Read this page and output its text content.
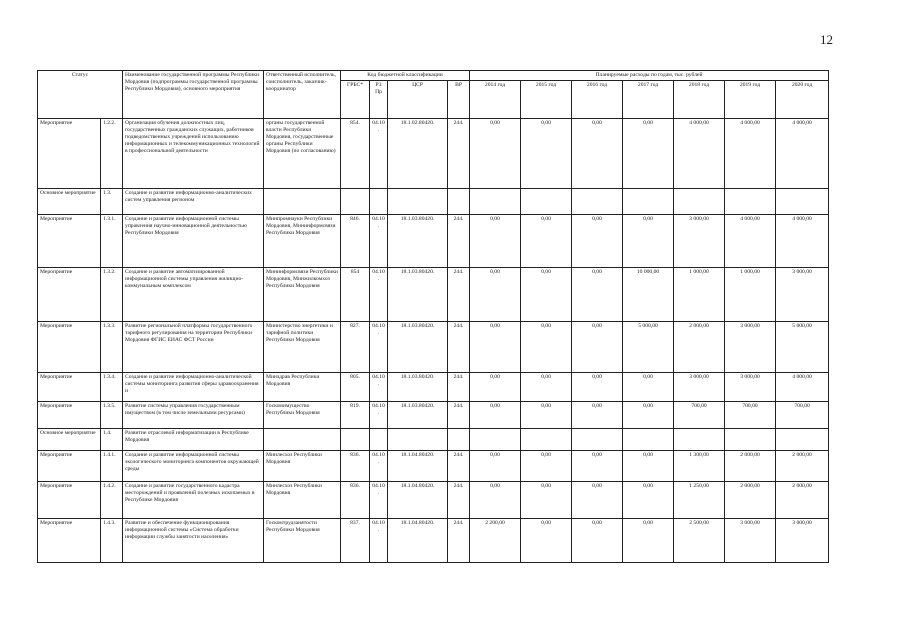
12
Статус		Наименование государственной программы Республики Мордовия (подпрограммы государственной программы Республики Мордовия), основного мероприятия	Ответственный исполнитель, соисполнитель, заказчик-координатор	Код бюджетной классификации				Планируемые расходы по годам, тыс. рублей						
				ГРБС*	РЗ Пр	ЦСР	ВР	2014 год	2015 год	2016 год	2017 год	2018 год	2019 год	2020 год
Мероприятие	1.2.2.	Организация обучения должностных лиц, государственных гражданских служащих, работников подведомственных учреждений использованию информационных и телекоммуникационных технологий в профессиональной деятельности	органы государственной власти Республики Мордовия, государственные органы Республики Мордовия (по согласованию)	854.	04.10.	18.1.02.80420.	244.	0,00	0,00	0,00	0,00	4 000,00	4 000,00	4 000,00
Основное мероприятие	1.3.	Создание и развитие информационно-аналитических систем управления регионом												
Мероприятие	1.3.1.	Создание и развитие информационной системы управления научно-инновационной деятельностью Республики Мордовия	Минпромнауки Республики Мордовия, Мининформсвязи Республики Мордовия	846.	04.10.	18.1.03.80420.	244.	0,00	0,00	0,00	0,00	3 000,00	4 000,00	4 000,00
Мероприятие	1.3.2.	Создание и развитие автоматизированной информационной системы управления жилищно-коммунальным комплексом	Мининформсвязи Республики Мордовия, Минжилкомхоз Республики Мордовия	854	04.10.	18.1.03.80420.	244.	0,00	0,00	0,00	10 000,00	1 000,00	1 000,00	3 000,00
Мероприятие	1.3.3.	Развитие региональной платформы государственного тарифного регулирования на территории Республики Мордовия ФГИС ЕИАС ФСТ России	Министерство энергетики и тарифной политики Республики Мордовия	827.	04.10.	18.1.03.80420.	244.	0,00	0,00	0,00	5 000,00	2 000,00	3 000,00	5 000,00
Мероприятие	1.3.4.	Создание и развитие информационно-аналитической системы мониторинга развития сферы здравоохранения и	Минздрав Республики Мордовия	805.	04.10.	18.1.03.80420.	244.	0,00	0,00	0,00	0,00	3 000,00	3 000,00	4 000,00
Мероприятие	1.3.5.	Развитие системы управления государственным имуществом (в том числе земельными ресурсами)	Госкомимущество Республики Мордовия	819.	04.10.	18.1.03.80420.	244.	0,00	0,00	0,00	0,00	700,00	700,00	700,00
Основное мероприятие	1.4.	Развитие отраслевой информатизации в Республике Мордовия												
Мероприятие	1.4.1.	Создание и развитие информационной системы экологического мониторинга компонентов окружающей среды	Минлесхоз Республики Мордовия	836.	04.10.	18.1.04.80420.	244.	0,00	0,00	0,00	0,00	1 300,00	2 000,00	2 000,00
Мероприятие	1.4.2.	Создание и развитие государственного кадастра месторождений и проявлений полезных ископаемых в Республике Мордовия	Минлесхоз Республики Мордовия	836.	04.10.	18.1.04.80420.	244.	0,00	0,00	0,00	0,00	1 250,00	2 000,00	2 000,00
Мероприятие	1.4.3.	Развитие и обеспечение функционирования информационной системы «Система обработки информации службы занятости населения»	Госкомтрудзанятости Республики Мордовия	837.	04.10.	18.1.04.80420.	244.	2 200,00	0,00	0,00	0,00	2 500,00	3 000,00	3 000,00
